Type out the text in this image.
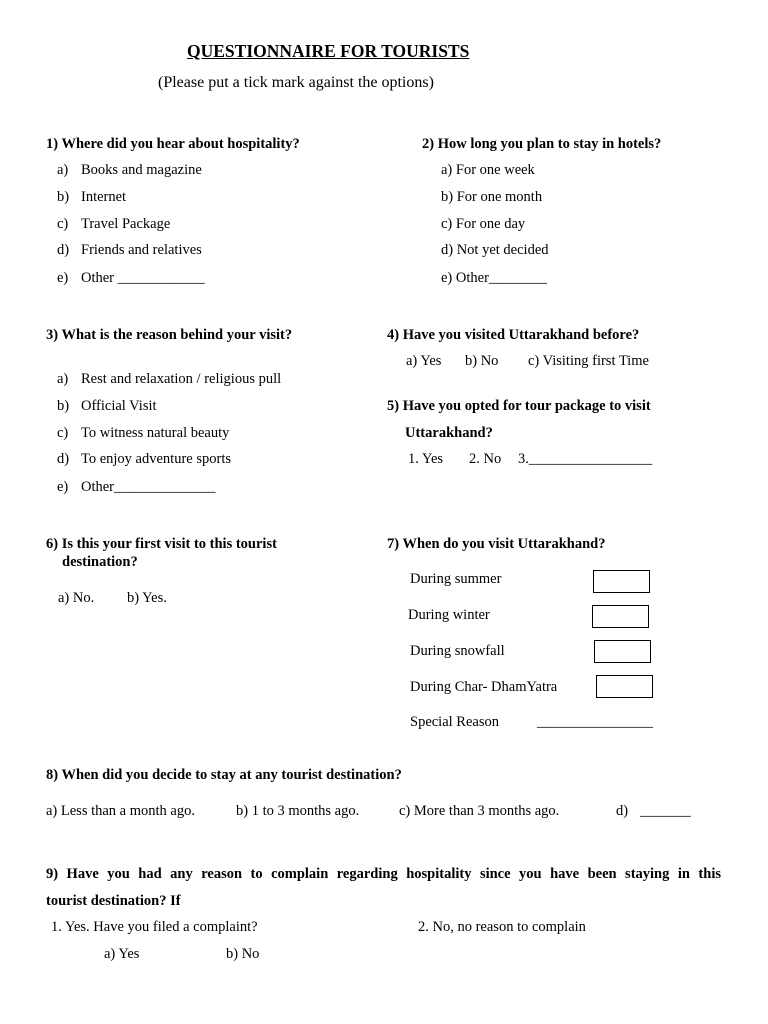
QUESTIONNAIRE FOR TOURISTS
(Please put a tick mark against the options)
1) Where did you hear about hospitality?
a) Books and magazine
b) Internet
c) Travel Package
d) Friends and relatives
e) Other ____________
2) How long you plan to stay in hotels?
a) For one week
b) For one month
c) For one day
d) Not yet decided
e) Other________
3) What is the reason behind your visit?
a) Rest and relaxation / religious pull
b) Official Visit
c) To witness natural beauty
d) To enjoy adventure sports
e) Other______________
4) Have you visited Uttarakhand before?
a) Yes b) No c) Visiting first Time
5) Have you opted for tour package to visit
Uttarakhand?
1. Yes 2. No 3._________________
6) Is this your first visit to this tourist
destination?
a) No. b) Yes.
7) When do you visit Uttarakhand?
During summer
During winter
During snowfall
During Char- DhamYatra
Special Reason	________________
8) When did you decide to stay at any tourist destination?
a) Less than a month ago.	b) 1 to 3 months ago.	c) More than 3 months ago.	d) _______
9) Have you had any reason to complain regarding hospitality since you have been staying in this
tourist destination? If
1. Yes. Have you filed a complaint?	2. No, no reason to complain
a) Yes	b) No
